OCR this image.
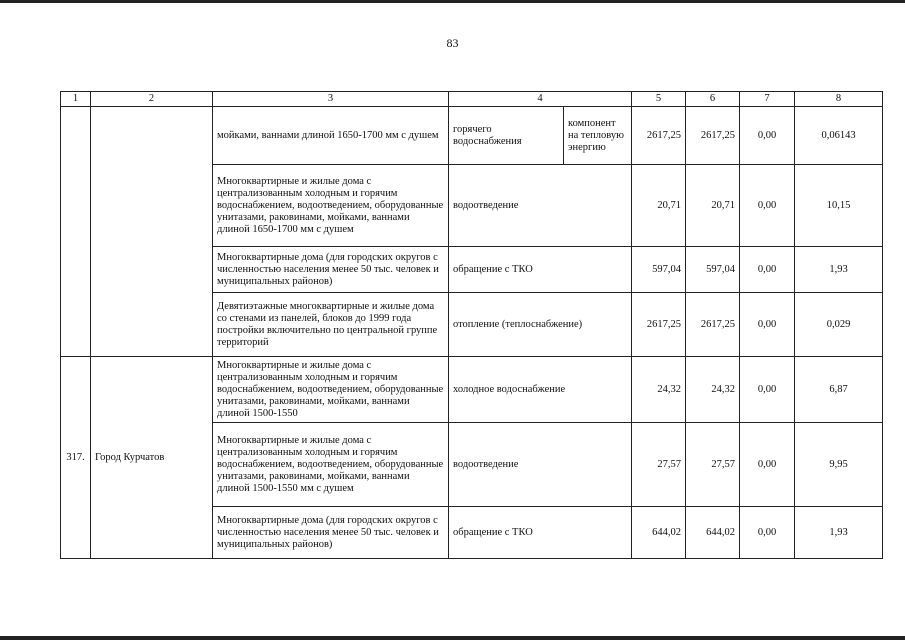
83
1	2	3	4		5	6	7	8
		мойками, ваннами длиной 1650-1700 мм с душем	горячего водоснабжения	компонент на тепловую энергию	2617,25	2617,25	0,00	0,06143
		Многоквартирные и жилые дома с централизованным холодным и горячим водоснабжением, водоотведением, оборудованные унитазами, раковинами, мойками, ваннами длиной 1650-1700 мм с душем	водоотведение		20,71	20,71	0,00	10,15
		Многоквартирные дома (для городских округов с численностью населения менее 50 тыс. человек и муниципальных районов)	обращение с ТКО		597,04	597,04	0,00	1,93
		Девятиэтажные многоквартирные и жилые дома со стенами из панелей, блоков до 1999 года постройки включительно по центральной группе территорий	отопление (теплоснабжение)		2617,25	2617,25	0,00	0,029
317.	Город Курчатов	Многоквартирные и жилые дома с централизованным холодным и горячим водоснабжением, водоотведением, оборудованные унитазами, раковинами, мойками, ваннами длиной 1500-1550	холодное водоснабжение		24,32	24,32	0,00	6,87
		Многоквартирные и жилые дома с централизованным холодным и горячим водоснабжением, водоотведением, оборудованные унитазами, раковинами, мойками, ваннами длиной 1500-1550 мм с душем	водоотведение		27,57	27,57	0,00	9,95
		Многоквартирные дома (для городских округов с численностью населения менее 50 тыс. человек и муниципальных районов)	обращение с ТКО		644,02	644,02	0,00	1,93
